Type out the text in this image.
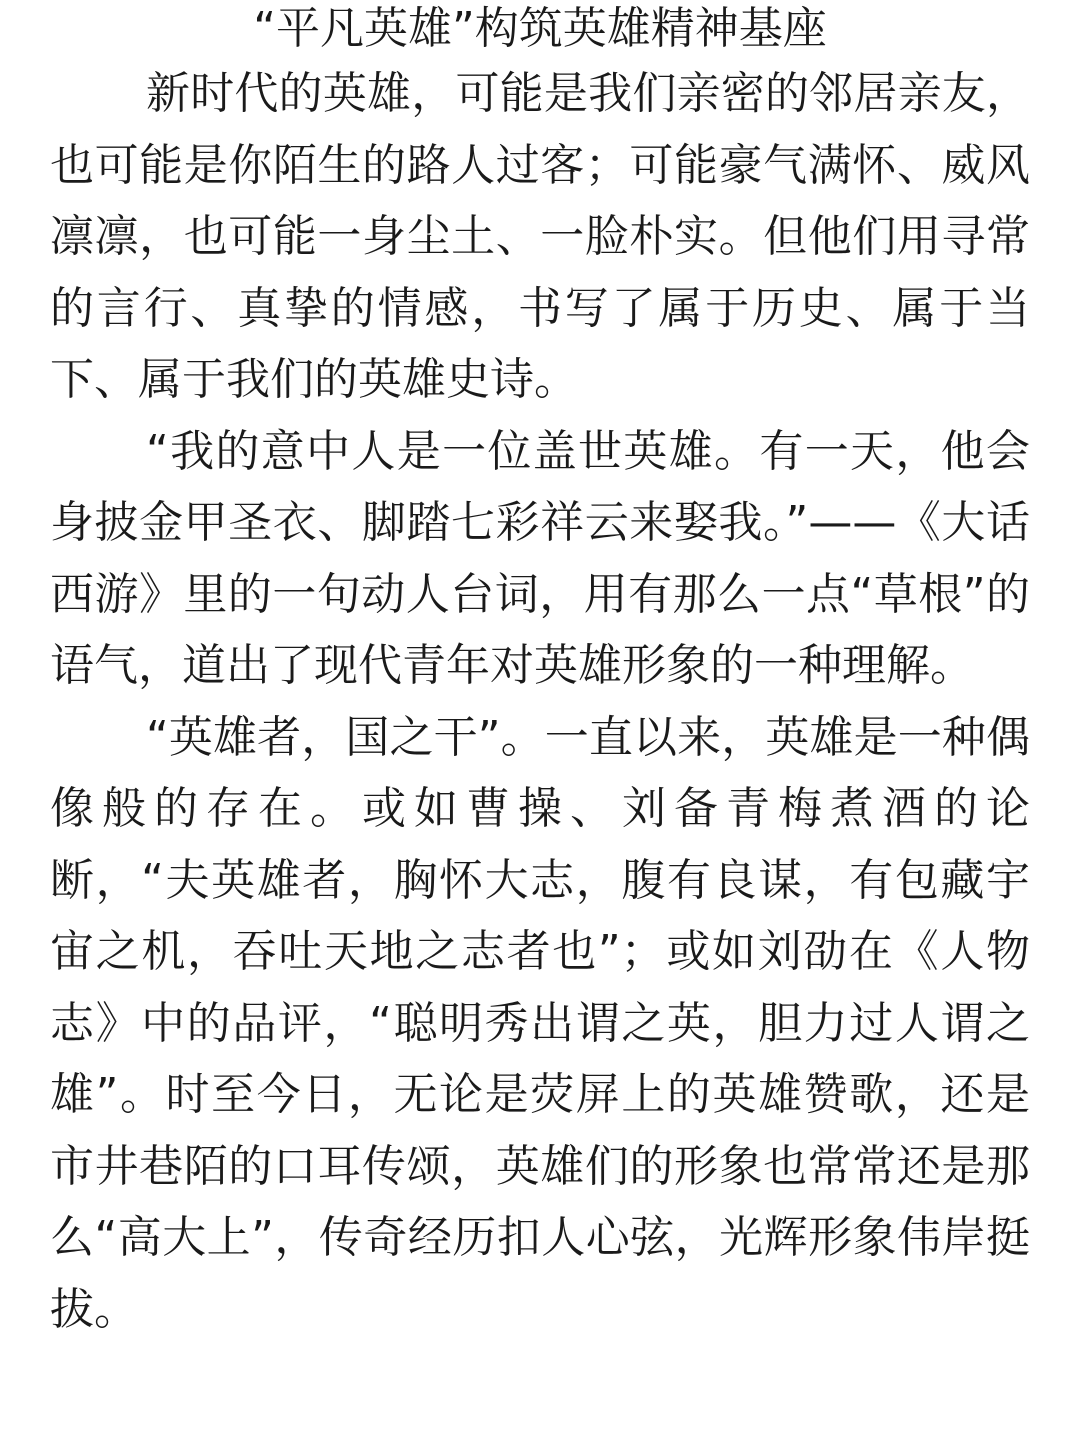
“平凡英雄”构筑英雄精神基座

新时代的英雄，可能是我们亲密的邻居亲友，也可能是你陌生的路人过客；可能豪气满怀、威风凛凛，也可能一身尘土、一脸朴实。但他们用寻常的言行、真挚的情感，书写了属于历史、属于当下、属于我们的英雄史诗。

“我的意中人是一位盖世英雄。有一天，他会身披金甲圣衣、脚踏七彩祥云来娶我。”——《大话西游》里的一句动人台词，用有那么一点“草根”的语气，道出了现代青年对英雄形象的一种理解。

“英雄者，国之干”。一直以来，英雄是一种偶像般的存在。或如曹操、刘备青梅煮酒的论断，“夫英雄者，胸怀大志，腹有良谋，有包藏宇宙之机，吞吐天地之志者也”；或如刘劭在《人物志》中的品评，“聪明秀出谓之英，胆力过人谓之雄”。时至今日，无论是荧屏上的英雄赞歌，还是市井巷陌的口耳传颂，英雄们的形象也常常还是那么“高大上”，传奇经历扣人心弦，光辉形象伟岸挺拔。
